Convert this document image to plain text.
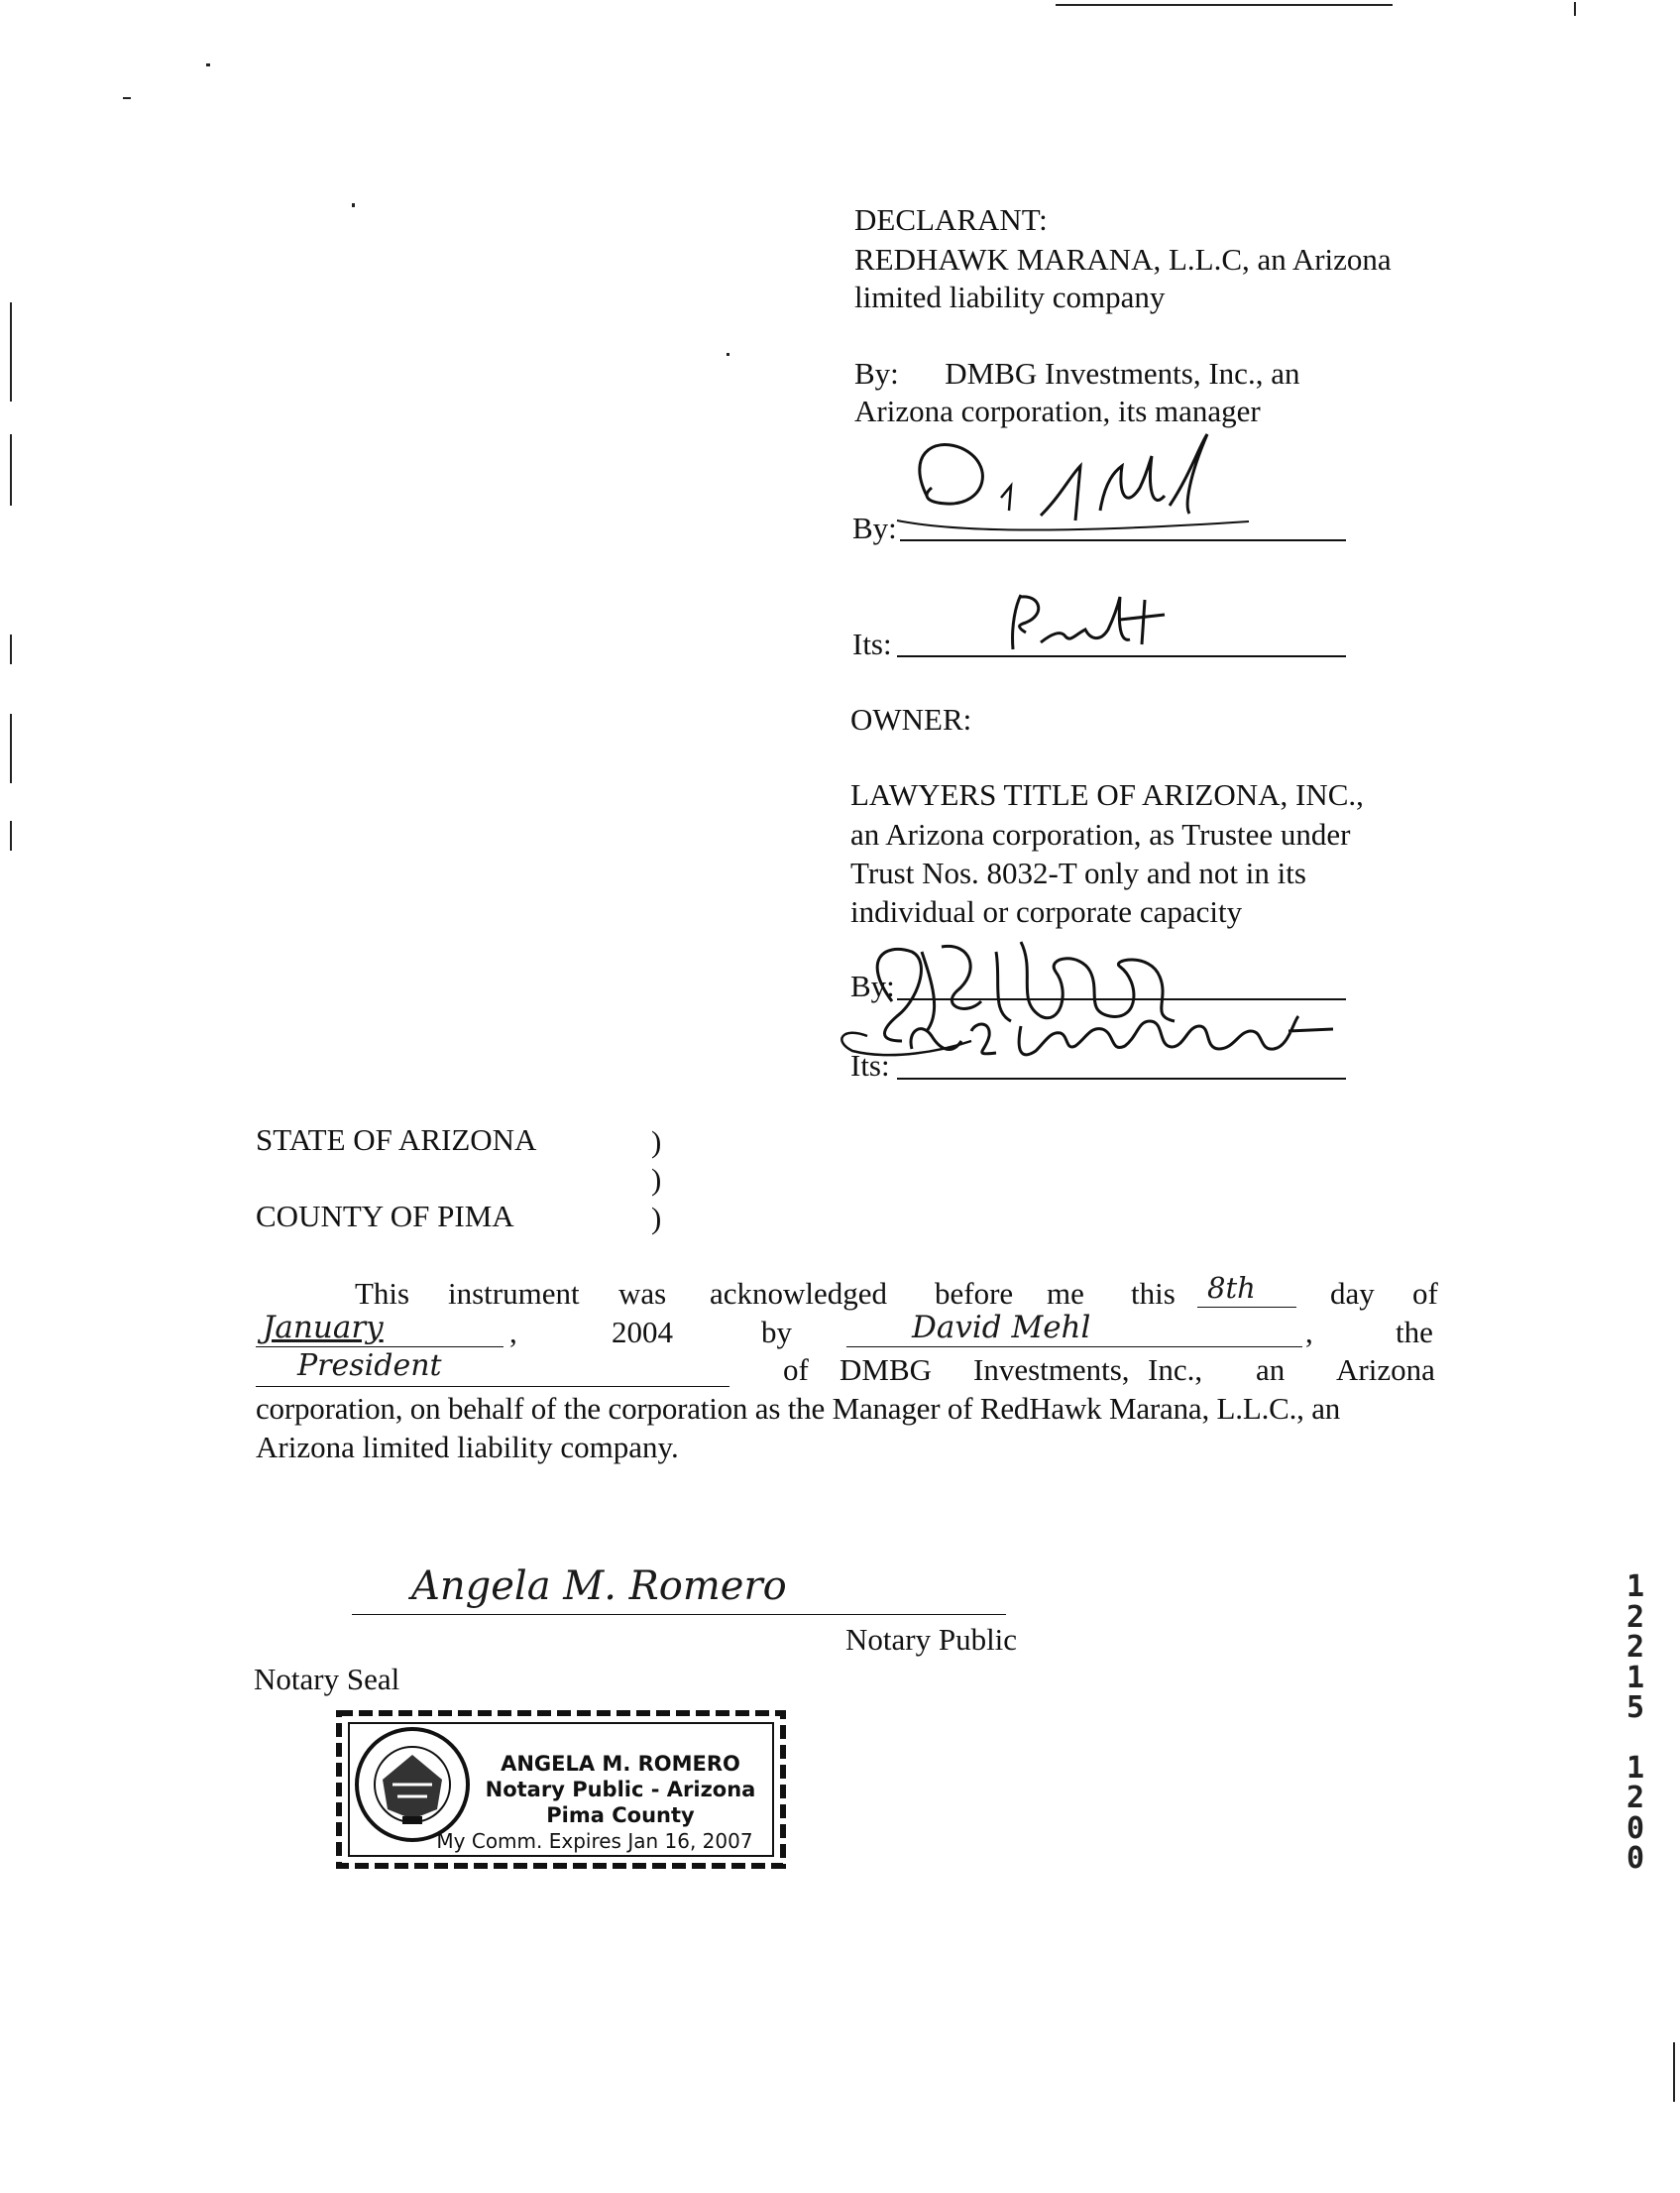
DECLARANT:
REDHAWK MARANA, L.L.C, an Arizona
limited liability company
By:      DMBG Investments, Inc., an
Arizona corporation, its manager
By:
Its:
OWNER:
LAWYERS TITLE OF ARIZONA, INC.,
an Arizona corporation, as Trustee under
Trust Nos. 8032-T only and not in its
individual or corporate capacity
By:
Its:
STATE OF ARIZONA	)
)
COUNTY OF PIMA	)
This instrument was acknowledged before me this 8th day of
January	,	2004	by	David Mehl	,	the
President	of DMBG Investments, Inc., an Arizona
corporation, on behalf of the corporation as the Manager of RedHawk Marana, L.L.C., an
Arizona limited liability company.
Angela M. Romero
Notary Public
Notary Seal
ANGELA M. ROMERO
Notary Public - Arizona
Pima County
My Comm. Expires Jan 16, 2007
1
2
2
1
5
1
2
0
0
